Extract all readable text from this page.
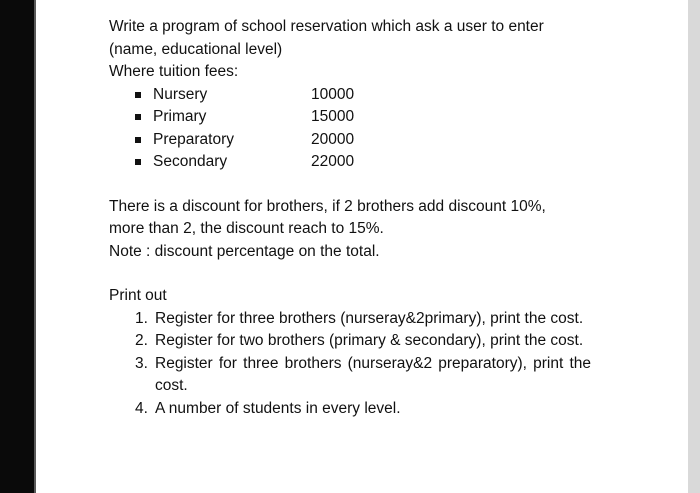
Write a program of school reservation which ask a user to enter
(name, educational level)
Where tuition fees:
Nursery	10000
Primary	15000
Preparatory	20000
Secondary	22000
There is a discount for brothers, if 2 brothers add discount 10%,
more than 2, the discount reach to 15%.
Note : discount percentage on the total.
Print out
1. Register for three brothers (nurseray&2primary), print the cost.
2. Register for two brothers (primary & secondary), print the cost.
3. Register for three brothers (nurseray&2 preparatory), print the cost.
4. A number of students in every level.
